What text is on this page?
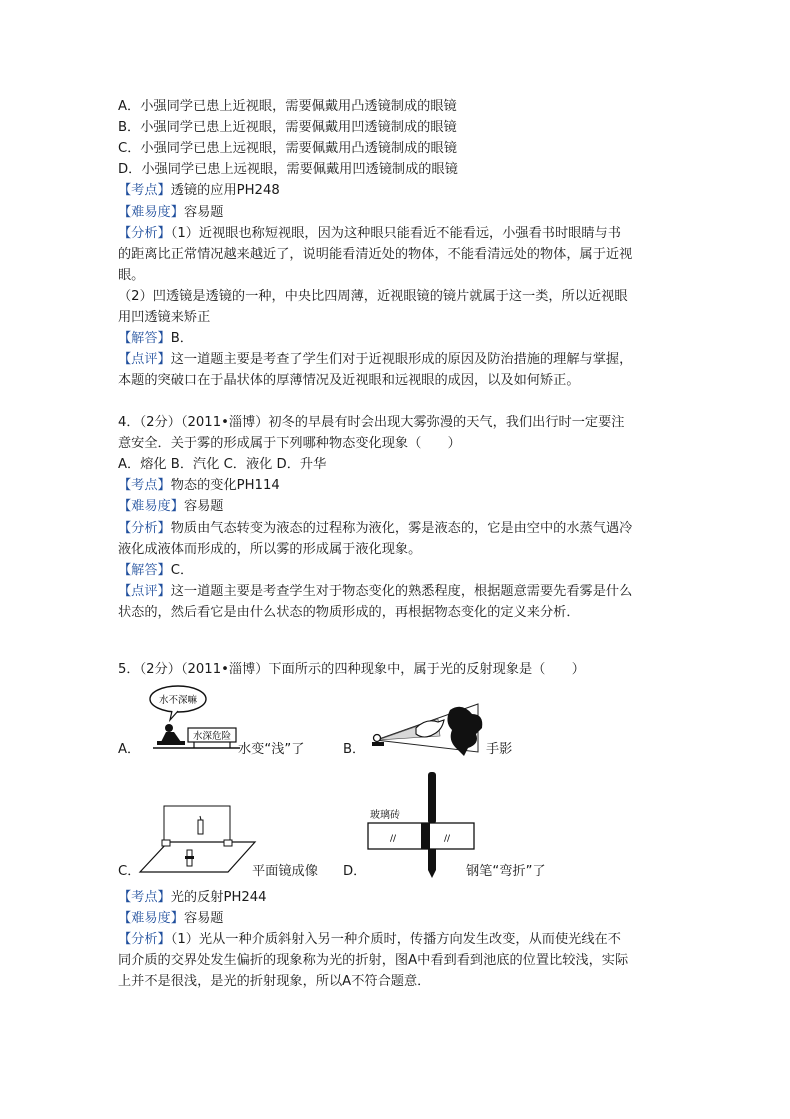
A．小强同学已患上近视眼，需要佩戴用凸透镜制成的眼镜
B．小强同学已患上近视眼，需要佩戴用凹透镜制成的眼镜
C．小强同学已患上远视眼，需要佩戴用凸透镜制成的眼镜
D．小强同学已患上远视眼，需要佩戴用凹透镜制成的眼镜
【考点】透镜的应用PH248
【难易度】容易题
【分析】（1）近视眼也称短视眼，因为这种眼只能看近不能看远，小强看书时眼睛与书
的距离比正常情况越来越近了，说明能看清近处的物体，不能看清远处的物体，属于近视
眼。
（2）凹透镜是透镜的一种，中央比四周薄，近视眼镜的镜片就属于这一类，所以近视眼
用凹透镜来矫正
【解答】B．
【点评】这一道题主要是考查了学生们对于近视眼形成的原因及防治措施的理解与掌握，
本题的突破口在于晶状体的厚薄情况及近视眼和远视眼的成因，以及如何矫正。
4．（2分）（2011•淄博）初冬的早晨有时会出现大雾弥漫的天气，我们出行时一定要注
意安全．关于雾的形成属于下列哪种物态变化现象（　　）
A．熔化 B．汽化 C．液化 D．升华
【考点】物态的变化PH114
【难易度】容易题
【分析】物质由气态转变为液态的过程称为液化，雾是液态的，它是由空中的水蒸气遇冷
液化成液体而形成的，所以雾的形成属于液化现象。
【解答】C．
【点评】这一道题主要是考查学生对于物态变化的熟悉程度，根据题意需要先看雾是什么
状态的，然后看它是由什么状态的物质形成的，再根据物态变化的定义来分析．
5．（2分）（2011•淄博）下面所示的四种现象中，属于光的反射现象是（　　）
水不深嘛
水深危险
A．	水变“浅”了	B．	手影
C．	平面镜成像
玻璃砖
//	//
D．	钢笔“弯折”了
【考点】光的反射PH244
【难易度】容易题
【分析】（1）光从一种介质斜射入另一种介质时，传播方向发生改变，从而使光线在不
同介质的交界处发生偏折的现象称为光的折射，图A中看到看到池底的位置比较浅，实际
上并不是很浅，是光的折射现象，所以A不符合题意．
